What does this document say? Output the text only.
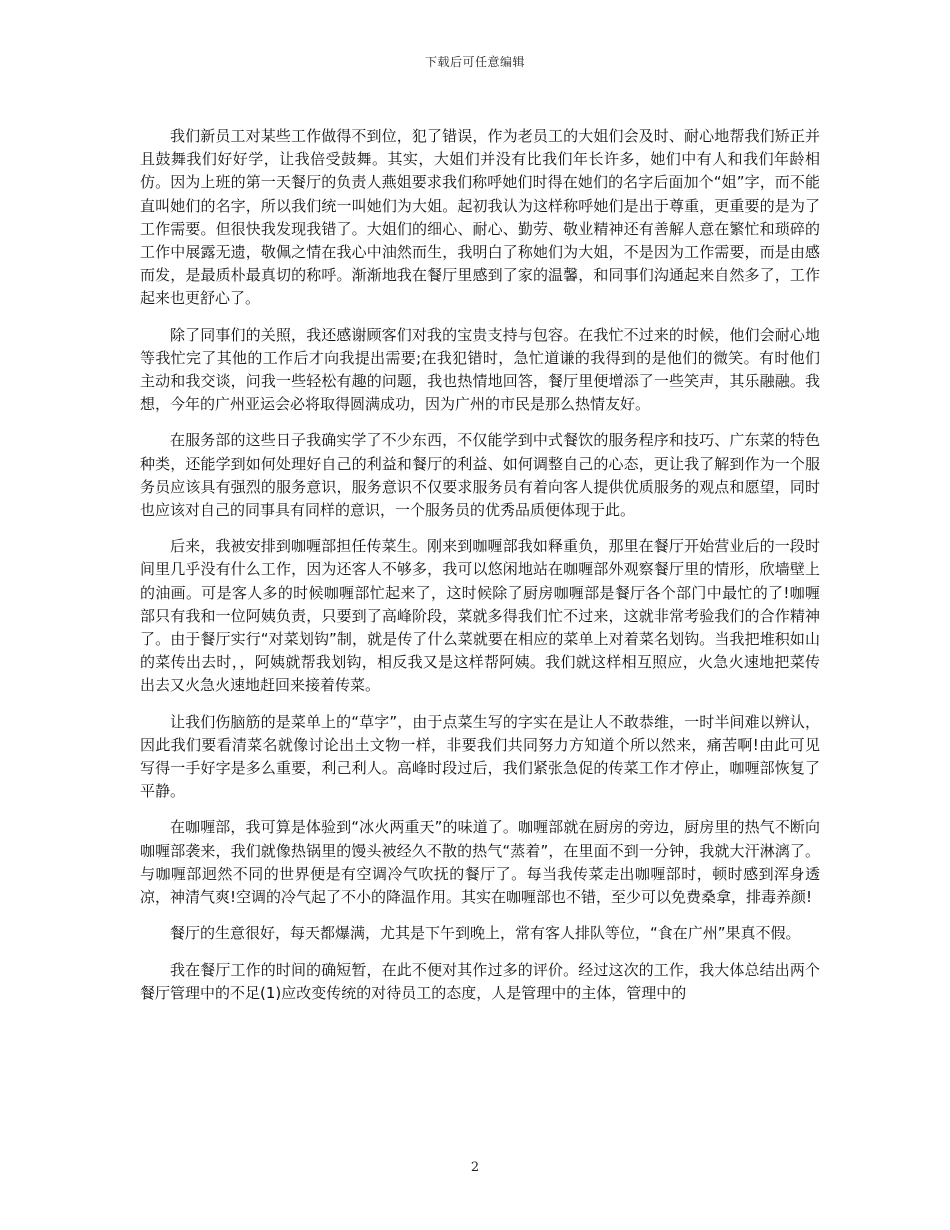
下载后可任意编辑

我们新员工对某些工作做得不到位，犯了错误，作为老员工的大姐们会及时、耐心地帮我们矫正并且鼓舞我们好好学，让我倍受鼓舞。其实，大姐们并没有比我们年长许多，她们中有人和我们年龄相仿。因为上班的第一天餐厅的负责人燕姐要求我们称呼她们时得在她们的名字后面加个“姐”字，而不能直叫她们的名字，所以我们统一叫她们为大姐。起初我认为这样称呼她们是出于尊重，更重要的是为了工作需要。但很快我发现我错了。大姐们的细心、耐心、勤劳、敬业精神还有善解人意在繁忙和琐碎的工作中展露无遗，敬佩之情在我心中油然而生，我明白了称她们为大姐，不是因为工作需要，而是由感而发，是最质朴最真切的称呼。渐渐地我在餐厅里感到了家的温馨，和同事们沟通起来自然多了，工作起来也更舒心了。

除了同事们的关照，我还感谢顾客们对我的宝贵支持与包容。在我忙不过来的时候，他们会耐心地等我忙完了其他的工作后才向我提出需要;在我犯错时，急忙道谦的我得到的是他们的微笑。有时他们主动和我交谈，问我一些轻松有趣的问题，我也热情地回答，餐厅里便增添了一些笑声，其乐融融。我想，今年的广州亚运会必将取得圆满成功，因为广州的市民是那么热情友好。

在服务部的这些日子我确实学了不少东西，不仅能学到中式餐饮的服务程序和技巧、广东菜的特色种类，还能学到如何处理好自己的利益和餐厅的利益、如何调整自己的心态，更让我了解到作为一个服务员应该具有强烈的服务意识，服务意识不仅要求服务员有着向客人提供优质服务的观点和愿望，同时也应该对自己的同事具有同样的意识，一个服务员的优秀品质便体现于此。

后来，我被安排到咖喱部担任传菜生。刚来到咖喱部我如释重负，那里在餐厅开始营业后的一段时间里几乎没有什么工作，因为还客人不够多，我可以悠闲地站在咖喱部外观察餐厅里的情形，欣墙壁上的油画。可是客人多的时候咖喱部忙起来了，这时候除了厨房咖喱部是餐厅各个部门中最忙的了!咖喱部只有我和一位阿姨负责，只要到了高峰阶段，菜就多得我们忙不过来，这就非常考验我们的合作精神了。由于餐厅实行“对菜划钩”制，就是传了什么菜就要在相应的菜单上对着菜名划钩。当我把堆积如山的菜传出去时，，阿姨就帮我划钩，相反我又是这样帮阿姨。我们就这样相互照应，火急火速地把菜传出去又火急火速地赶回来接着传菜。

让我们伤脑筋的是菜单上的“草字”，由于点菜生写的字实在是让人不敢恭维，一时半间难以辨认，因此我们要看清菜名就像讨论出土文物一样，非要我们共同努力方知道个所以然来，痛苦啊!由此可见写得一手好字是多么重要，利己利人。高峰时段过后，我们紧张急促的传菜工作才停止，咖喱部恢复了平静。

在咖喱部，我可算是体验到“冰火两重天”的味道了。咖喱部就在厨房的旁边，厨房里的热气不断向咖喱部袭来，我们就像热锅里的馒头被经久不散的热气“蒸着”，在里面不到一分钟，我就大汗淋漓了。与咖喱部迥然不同的世界便是有空调冷气吹抚的餐厅了。每当我传菜走出咖喱部时，顿时感到浑身透凉，神清气爽!空调的冷气起了不小的降温作用。其实在咖喱部也不错，至少可以免费桑拿，排毒养颜!

餐厅的生意很好，每天都爆满，尤其是下午到晚上，常有客人排队等位，“食在广州”果真不假。

我在餐厅工作的时间的确短暂，在此不便对其作过多的评价。经过这次的工作，我大体总结出两个餐厅管理中的不足(1)应改变传统的对待员工的态度，人是管理中的主体，管理中的

2
